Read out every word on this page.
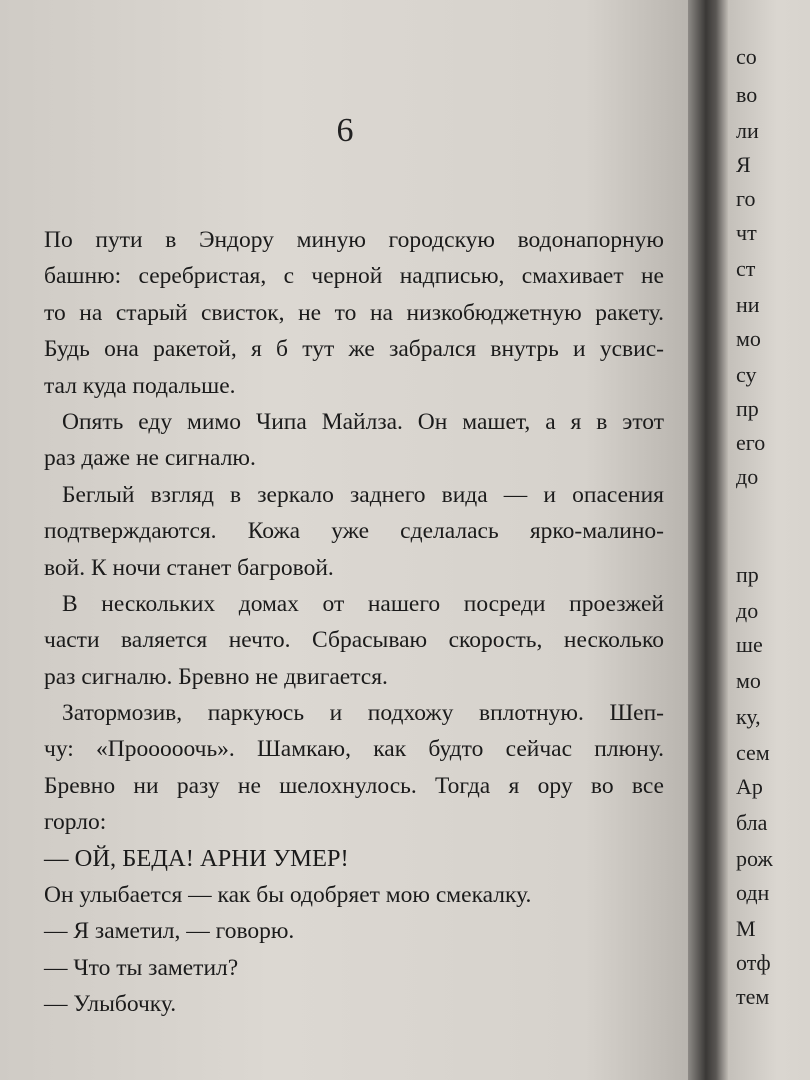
6
По пути в Эндору миную городскую водонапорную
башню: серебристая, с черной надписью, смахивает не
то на старый свисток, не то на низкобюджетную ракету.
Будь она ракетой, я б тут же забрался внутрь и усвис-
тал куда подальше.
Опять еду мимо Чипа Майлза. Он машет, а я в этот
раз даже не сигналю.
Беглый взгляд в зеркало заднего вида — и опасения
подтверждаются. Кожа уже сделалась ярко-малино-
вой. К ночи станет багровой.
В нескольких домах от нашего посреди проезжей
части валяется нечто. Сбрасываю скорость, несколько
раз сигналю. Бревно не двигается.
Затормозив, паркуюсь и подхожу вплотную. Шеп-
чу: «Прооооочь». Шамкаю, как будто сейчас плюну.
Бревно ни разу не шелохнулось. Тогда я ору во все
горло:
— ОЙ, БЕДА! АРНИ УМЕР!
Он улыбается — как бы одобряет мою смекалку.
— Я заметил, — говорю.
— Что ты заметил?
— Улыбочку.
со
во
ли
Я
го
чт
ст
ни
мо
су
пр
его
до
пр
до
ше
мо
ку,
сем
Ар
бла
рож
одн
М
отф
тем
